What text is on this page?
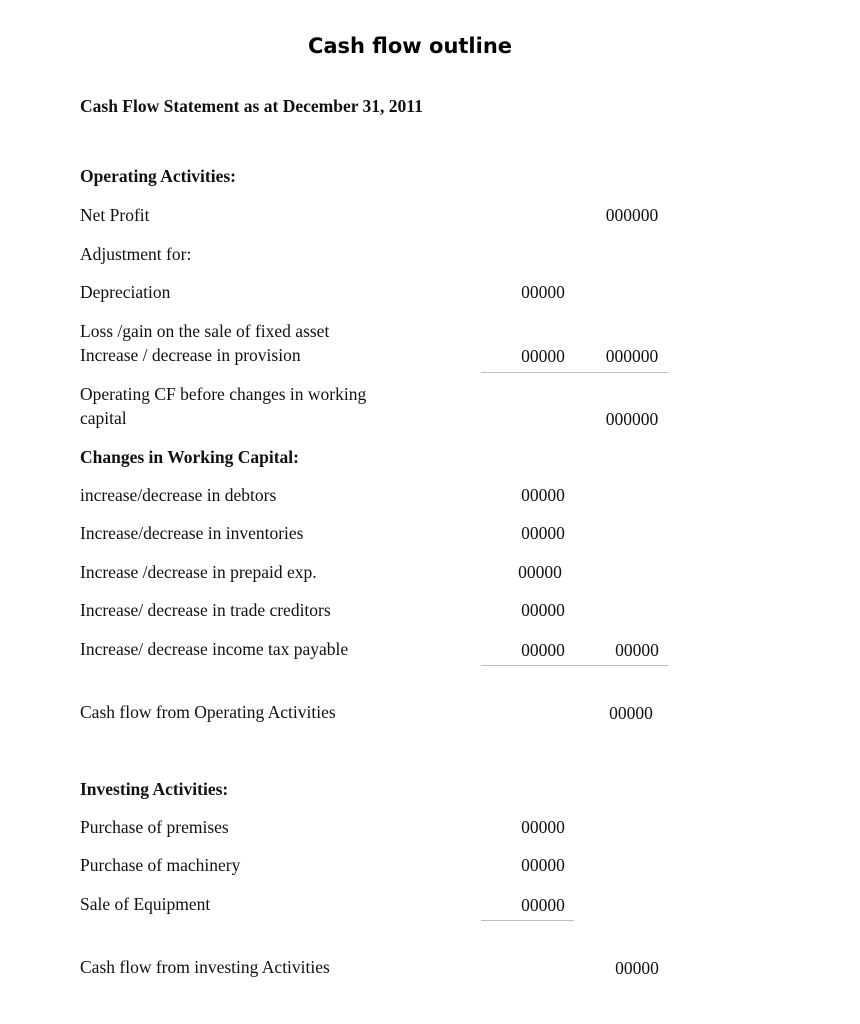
Cash flow outline
Cash Flow Statement as at December 31, 2011
Operating Activities:
Net Profit	000000
Adjustment for:
Depreciation	00000
Loss /gain on the sale of fixed asset
Increase / decrease in provision	00000	000000
Operating CF before changes in working
capital	000000
Changes in Working Capital:
increase/decrease in debtors	00000
Increase/decrease in inventories	00000
Increase /decrease in prepaid exp.	00000
Increase/ decrease in trade creditors	00000
Increase/ decrease income tax payable	00000	00000
Cash flow from Operating Activities	00000
Investing Activities:
Purchase of premises	00000
Purchase of machinery	00000
Sale of Equipment	00000
Cash flow from investing Activities	00000
